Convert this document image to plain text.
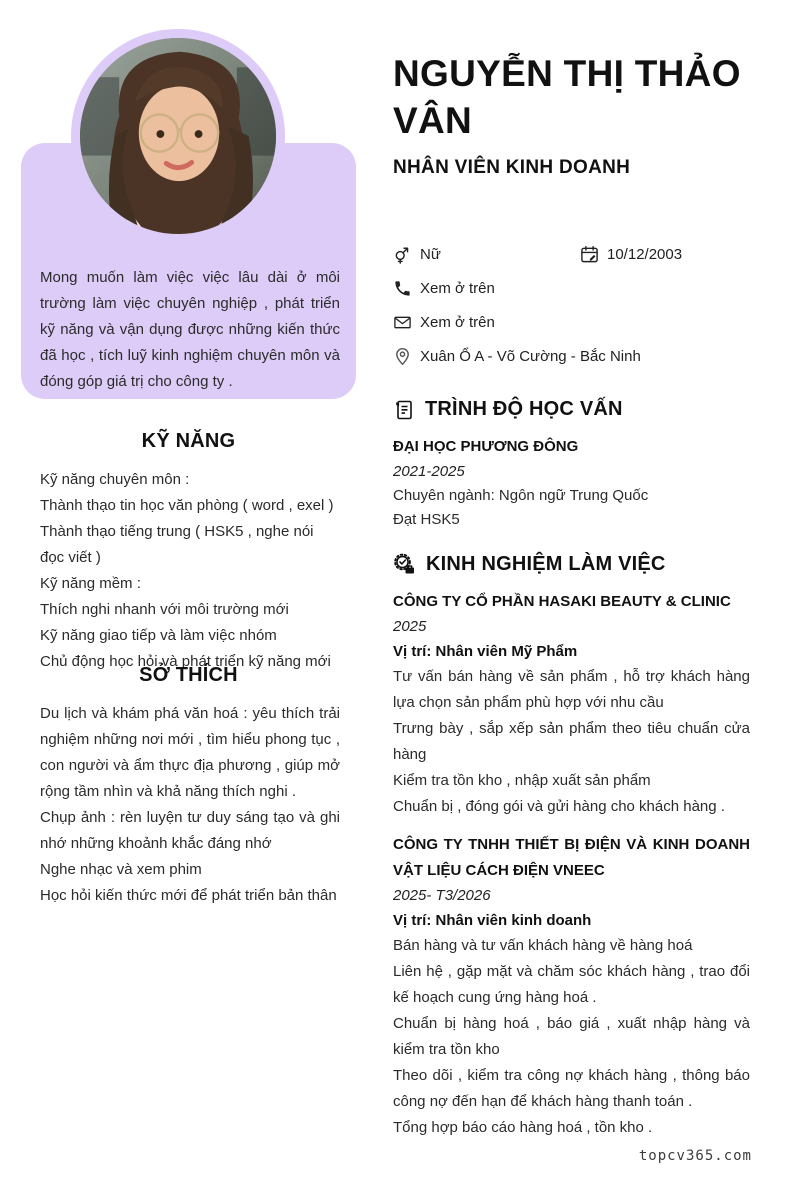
Mong muốn làm việc việc lâu dài ở môi trường làm việc chuyên nghiệp , phát triển kỹ năng và vận dụng được những kiến thức đã học , tích luỹ kinh nghiệm chuyên môn và đóng góp giá trị cho công ty .
KỸ NĂNG
Kỹ năng chuyên môn :
Thành thạo tin học văn phòng ( word , exel )
Thành thạo tiếng trung ( HSK5 , nghe nói đọc viết )
Kỹ năng mềm :
Thích nghi nhanh với môi trường mới
Kỹ năng giao tiếp và làm việc nhóm
Chủ động học hỏi và phát triển kỹ năng mới
SỞ THÍCH
Du lịch và khám phá văn hoá : yêu thích trải nghiệm những nơi mới , tìm hiểu phong tục , con người và ẩm thực địa phương , giúp mở rộng tầm nhìn và khả năng thích nghi .
Chụp ảnh : rèn luyện tư duy sáng tạo và ghi nhớ những khoảnh khắc đáng nhớ
Nghe nhạc và xem phim
Học hỏi kiến thức mới để phát triển bản thân
NGUYỄN THỊ THẢO VÂN
NHÂN VIÊN KINH DOANH
Nữ	10/12/2003
Xem ở trên
Xem ở trên
Xuân Ổ A - Võ Cường - Bắc Ninh
TRÌNH ĐỘ HỌC VẤN
ĐẠI HỌC PHƯƠNG ĐÔNG
2021-2025
Chuyên ngành: Ngôn ngữ Trung Quốc
Đạt HSK5
KINH NGHIỆM LÀM VIỆC
CÔNG TY CỔ PHẦN HASAKI BEAUTY & CLINIC
2025
Vị trí: Nhân viên Mỹ Phẩm
Tư vấn bán hàng về sản phẩm , hỗ trợ khách hàng lựa chọn sản phẩm phù hợp với nhu cầu
Trưng bày , sắp xếp sản phẩm theo tiêu chuẩn cửa hàng
Kiểm tra tồn kho , nhập xuất sản phẩm
Chuẩn bị , đóng gói và gửi hàng cho khách hàng .
CÔNG TY TNHH THIẾT BỊ ĐIỆN VÀ KINH DOANH VẬT LIỆU CÁCH ĐIỆN VNEEC
2025- T3/2026
Vị trí: Nhân viên kinh doanh
Bán hàng và tư vấn khách hàng về hàng hoá
Liên hệ , gặp mặt và chăm sóc khách hàng , trao đổi kế hoạch cung ứng hàng hoá .
Chuẩn bị hàng hoá , báo giá , xuất nhập hàng và kiểm tra tồn kho
Theo dõi , kiểm tra công nợ khách hàng , thông báo công nợ đến hạn để khách hàng thanh toán .
Tổng hợp báo cáo hàng hoá , tồn kho .
topcv365.com
